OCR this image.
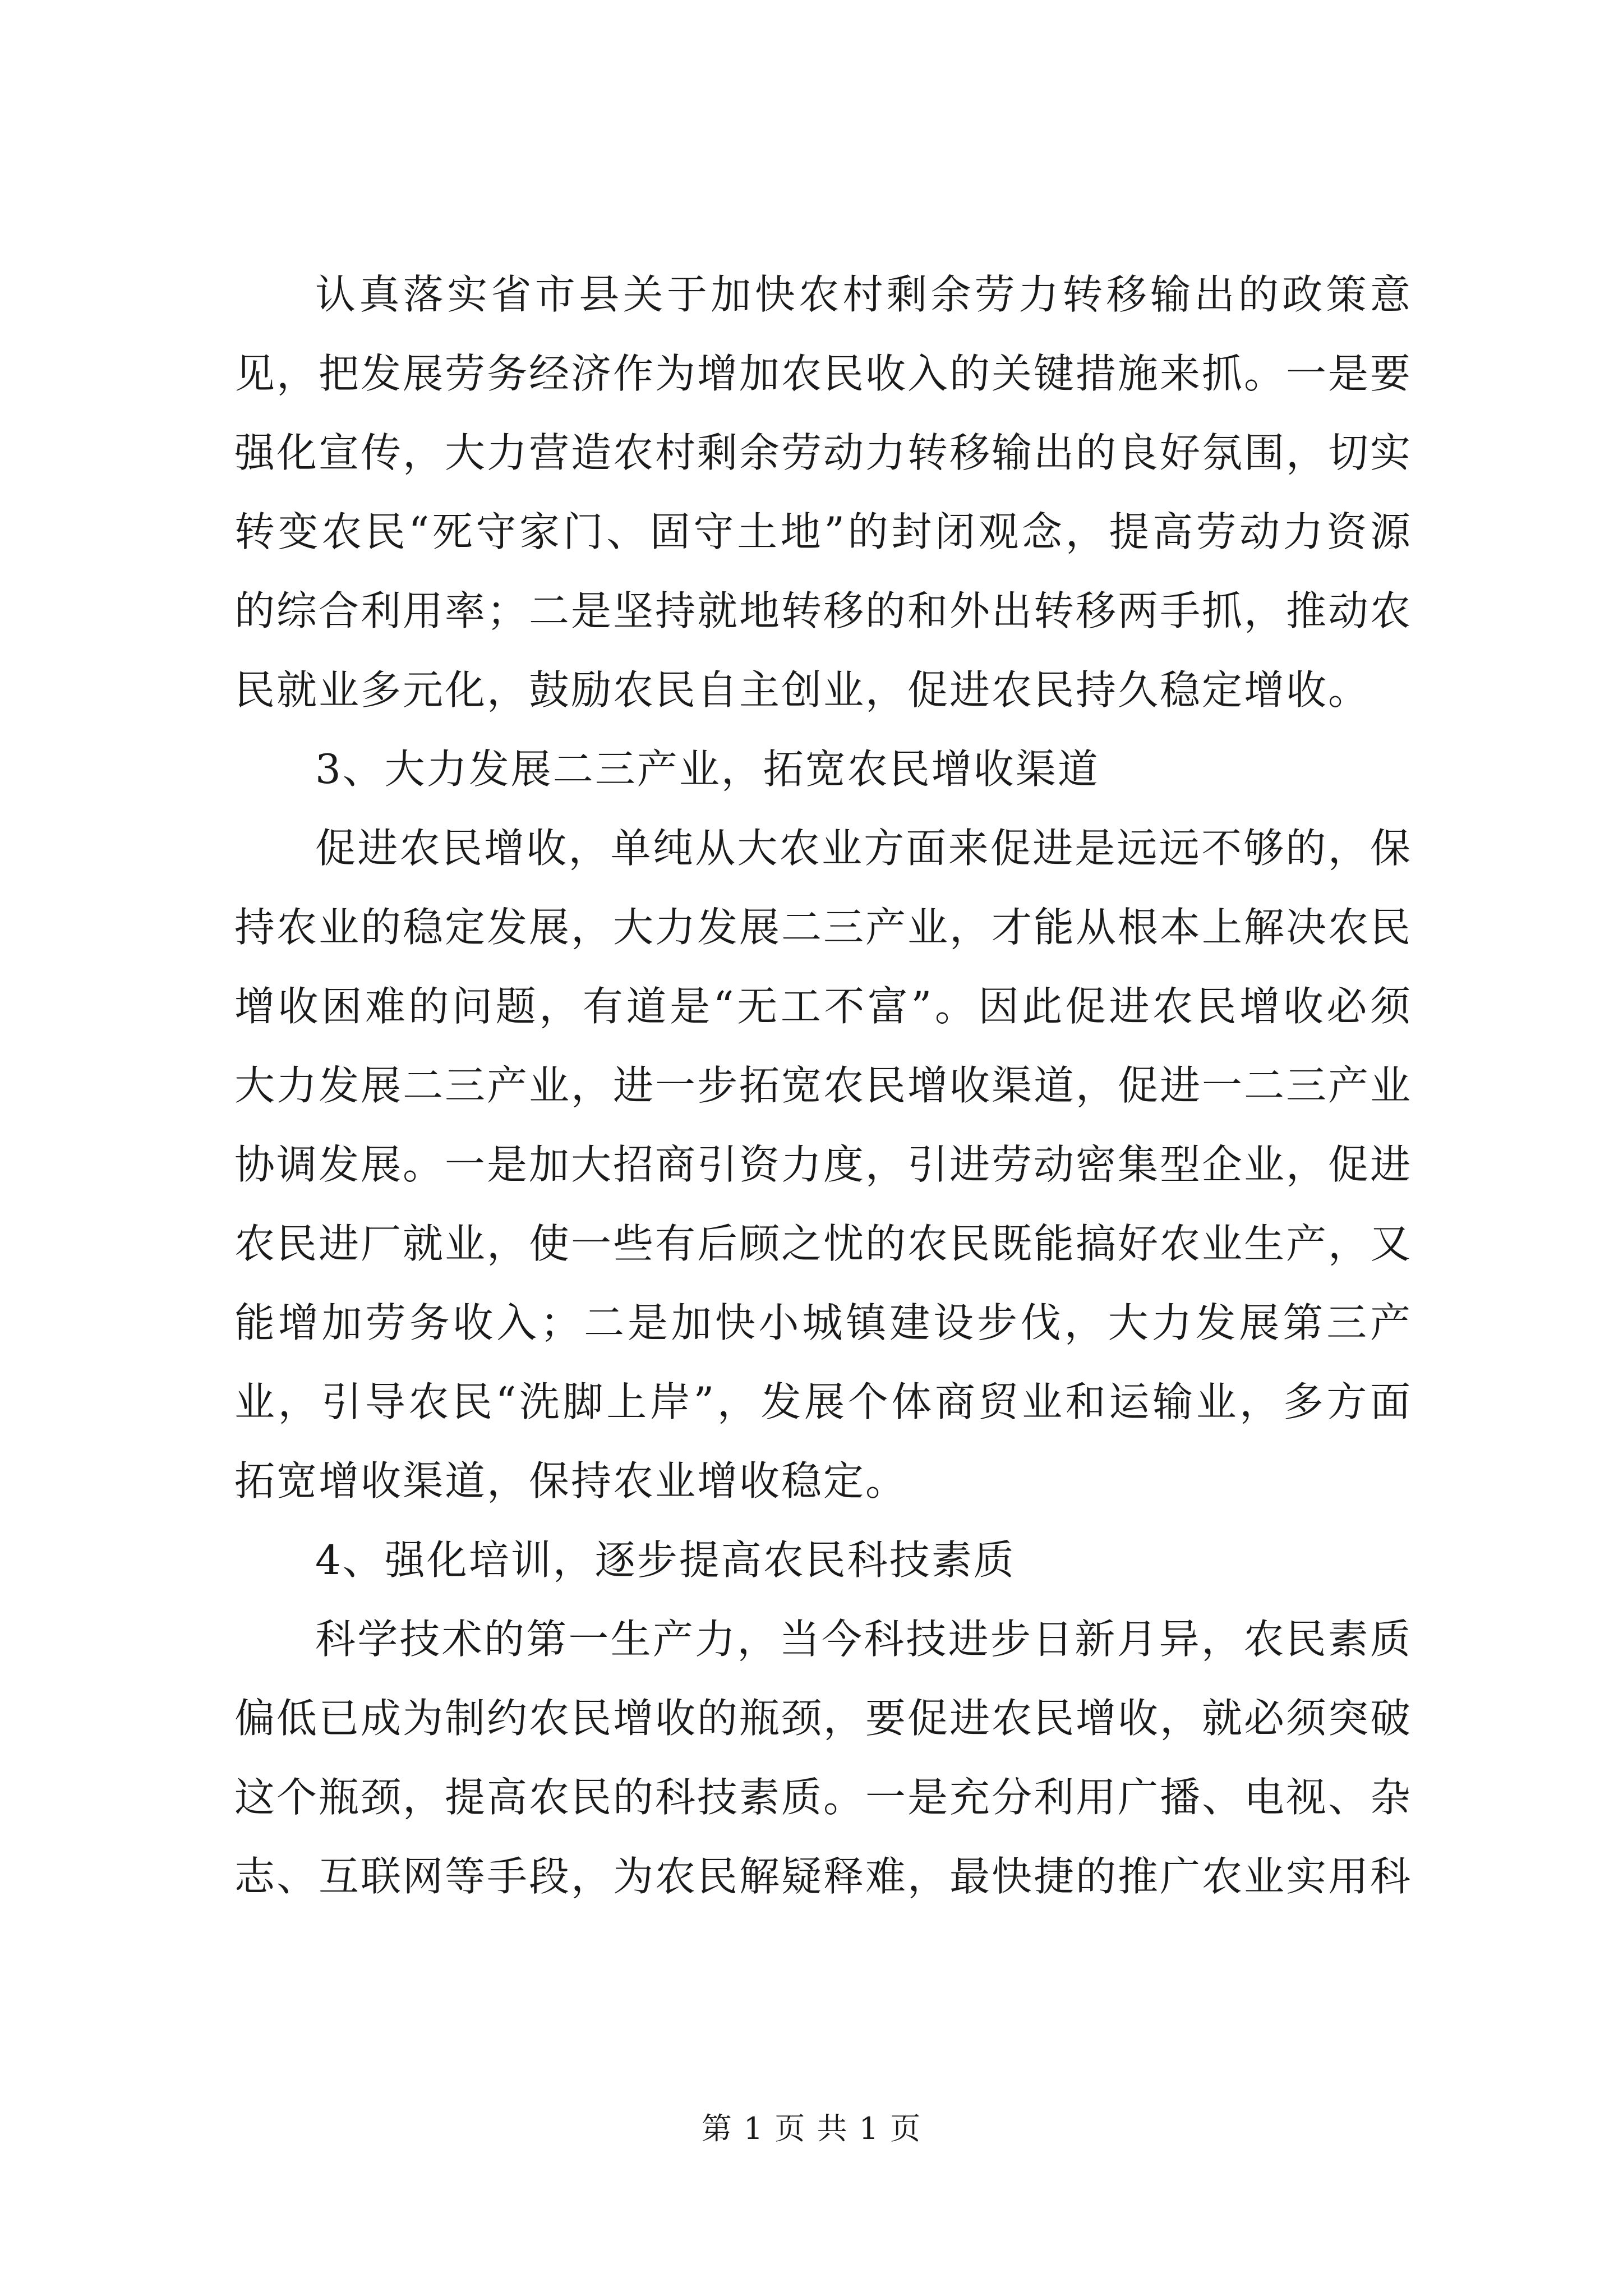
认真落实省市县关于加快农村剩余劳力转移输出的政策意见，把发展劳务经济作为增加农民收入的关键措施来抓。一是要强化宣传，大力营造农村剩余劳动力转移输出的良好氛围，切实转变农民“死守家门、固守土地”的封闭观念，提高劳动力资源的综合利用率；二是坚持就地转移的和外出转移两手抓，推动农民就业多元化，鼓励农民自主创业，促进农民持久稳定增收。

3、大力发展二三产业，拓宽农民增收渠道

促进农民增收，单纯从大农业方面来促进是远远不够的，保持农业的稳定发展，大力发展二三产业，才能从根本上解决农民增收困难的问题，有道是“无工不富”。因此促进农民增收必须大力发展二三产业，进一步拓宽农民增收渠道，促进一二三产业协调发展。一是加大招商引资力度，引进劳动密集型企业，促进农民进厂就业，使一些有后顾之忧的农民既能搞好农业生产，又能增加劳务收入；二是加快小城镇建设步伐，大力发展第三产业，引导农民“洗脚上岸”，发展个体商贸业和运输业，多方面拓宽增收渠道，保持农业增收稳定。

4、强化培训，逐步提高农民科技素质

科学技术的第一生产力，当今科技进步日新月异，农民素质偏低已成为制约农民增收的瓶颈，要促进农民增收，就必须突破这个瓶颈，提高农民的科技素质。一是充分利用广播、电视、杂志、互联网等手段，为农民解疑释难，最快捷的推广农业实用科

第 1 页 共 1 页
